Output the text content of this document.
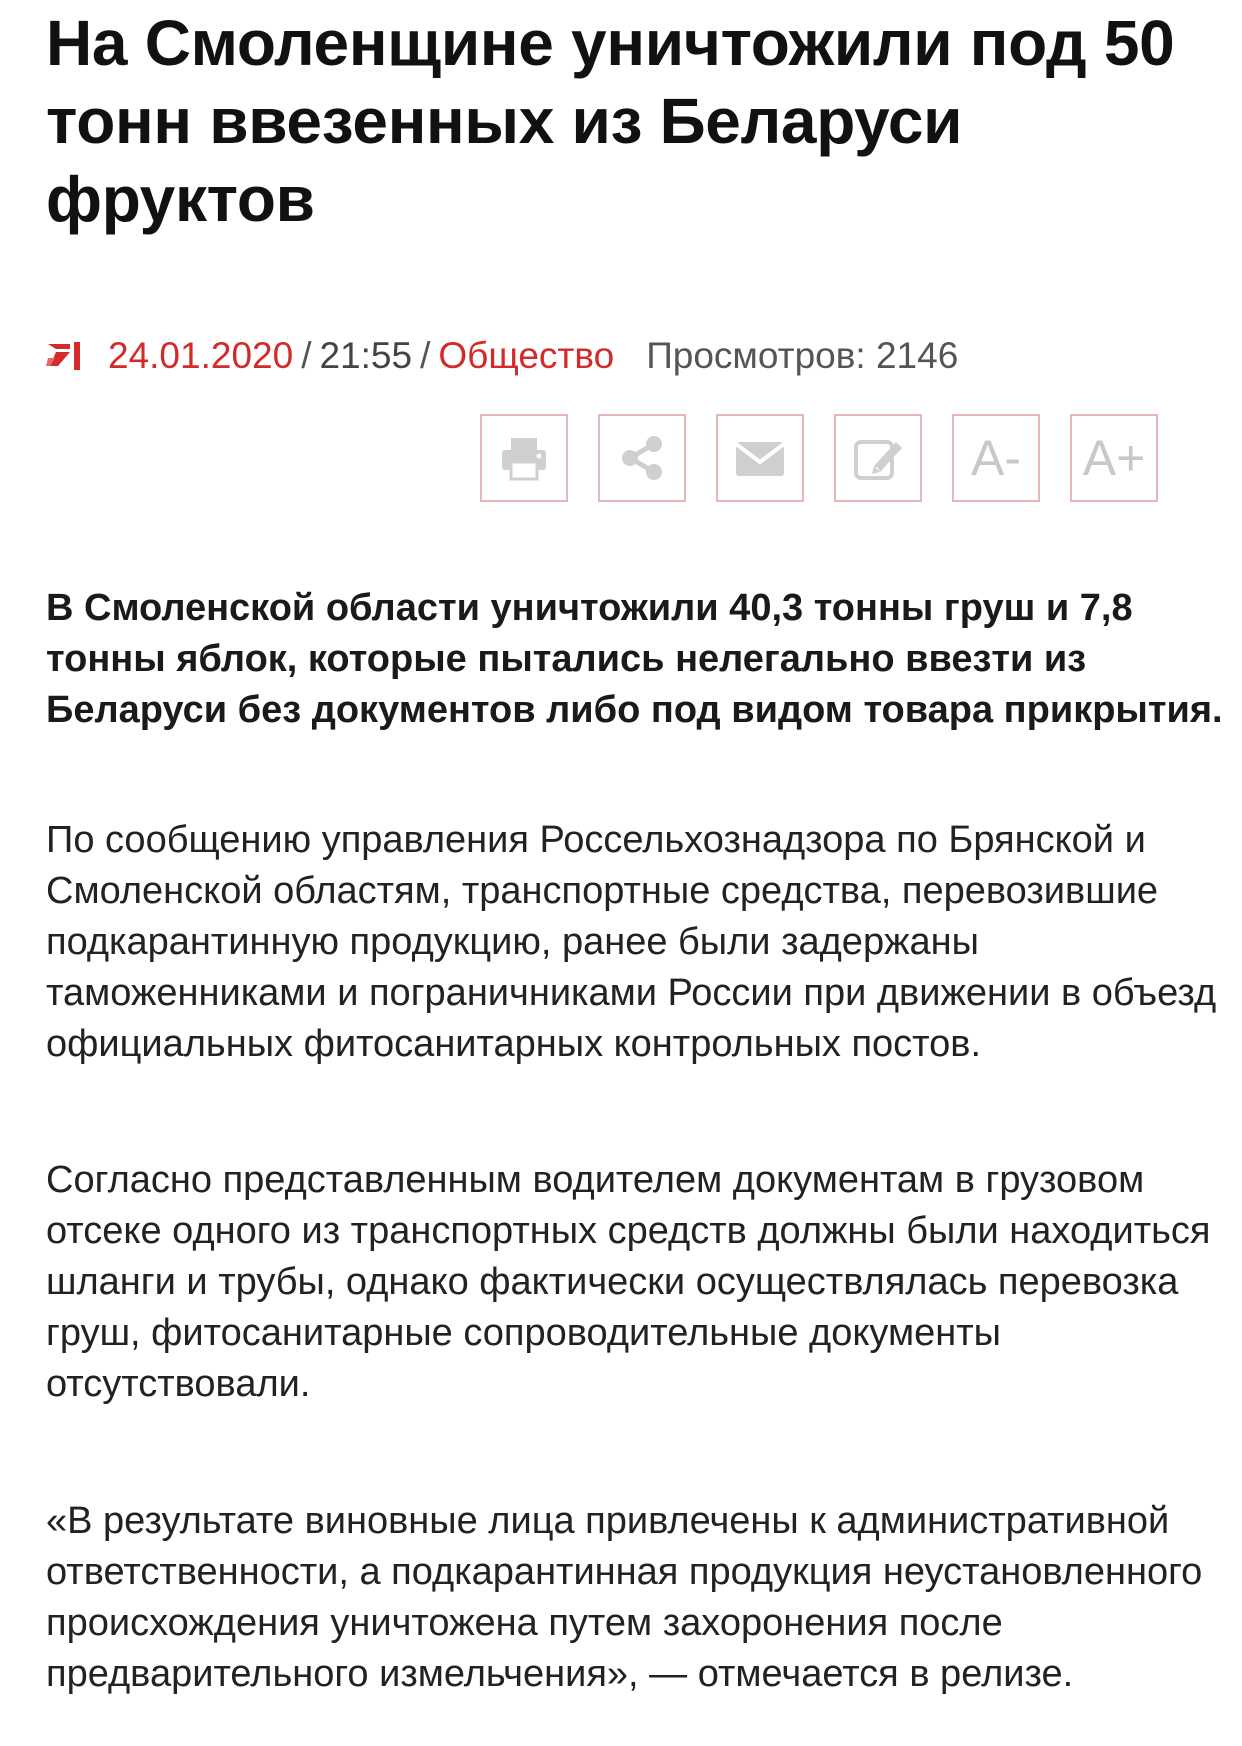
На Смоленщине уничтожили под 50 тонн ввезенных из Беларуси фруктов
24.01.2020 / 21:55 / Общество Просмотров: 2146
A- A+

В Смоленской области уничтожили 40,3 тонны груш и 7,8 тонны яблок, которые пытались нелегально ввезти из Беларуси без документов либо под видом товара прикрытия.

По сообщению управления Россельхознадзора по Брянской и Смоленской областям, транспортные средства, перевозившие подкарантинную продукцию, ранее были задержаны таможенниками и пограничниками России при движении в объезд официальных фитосанитарных контрольных постов.

Согласно представленным водителем документам в грузовом отсеке одного из транспортных средств должны были находиться шланги и трубы, однако фактически осуществлялась перевозка груш, фитосанитарные сопроводительные документы отсутствовали.

«В результате виновные лица привлечены к административной ответственности, а подкарантинная продукция неустановленного происхождения уничтожена путем захоронения после предварительного измельчения», — отмечается в релизе.
